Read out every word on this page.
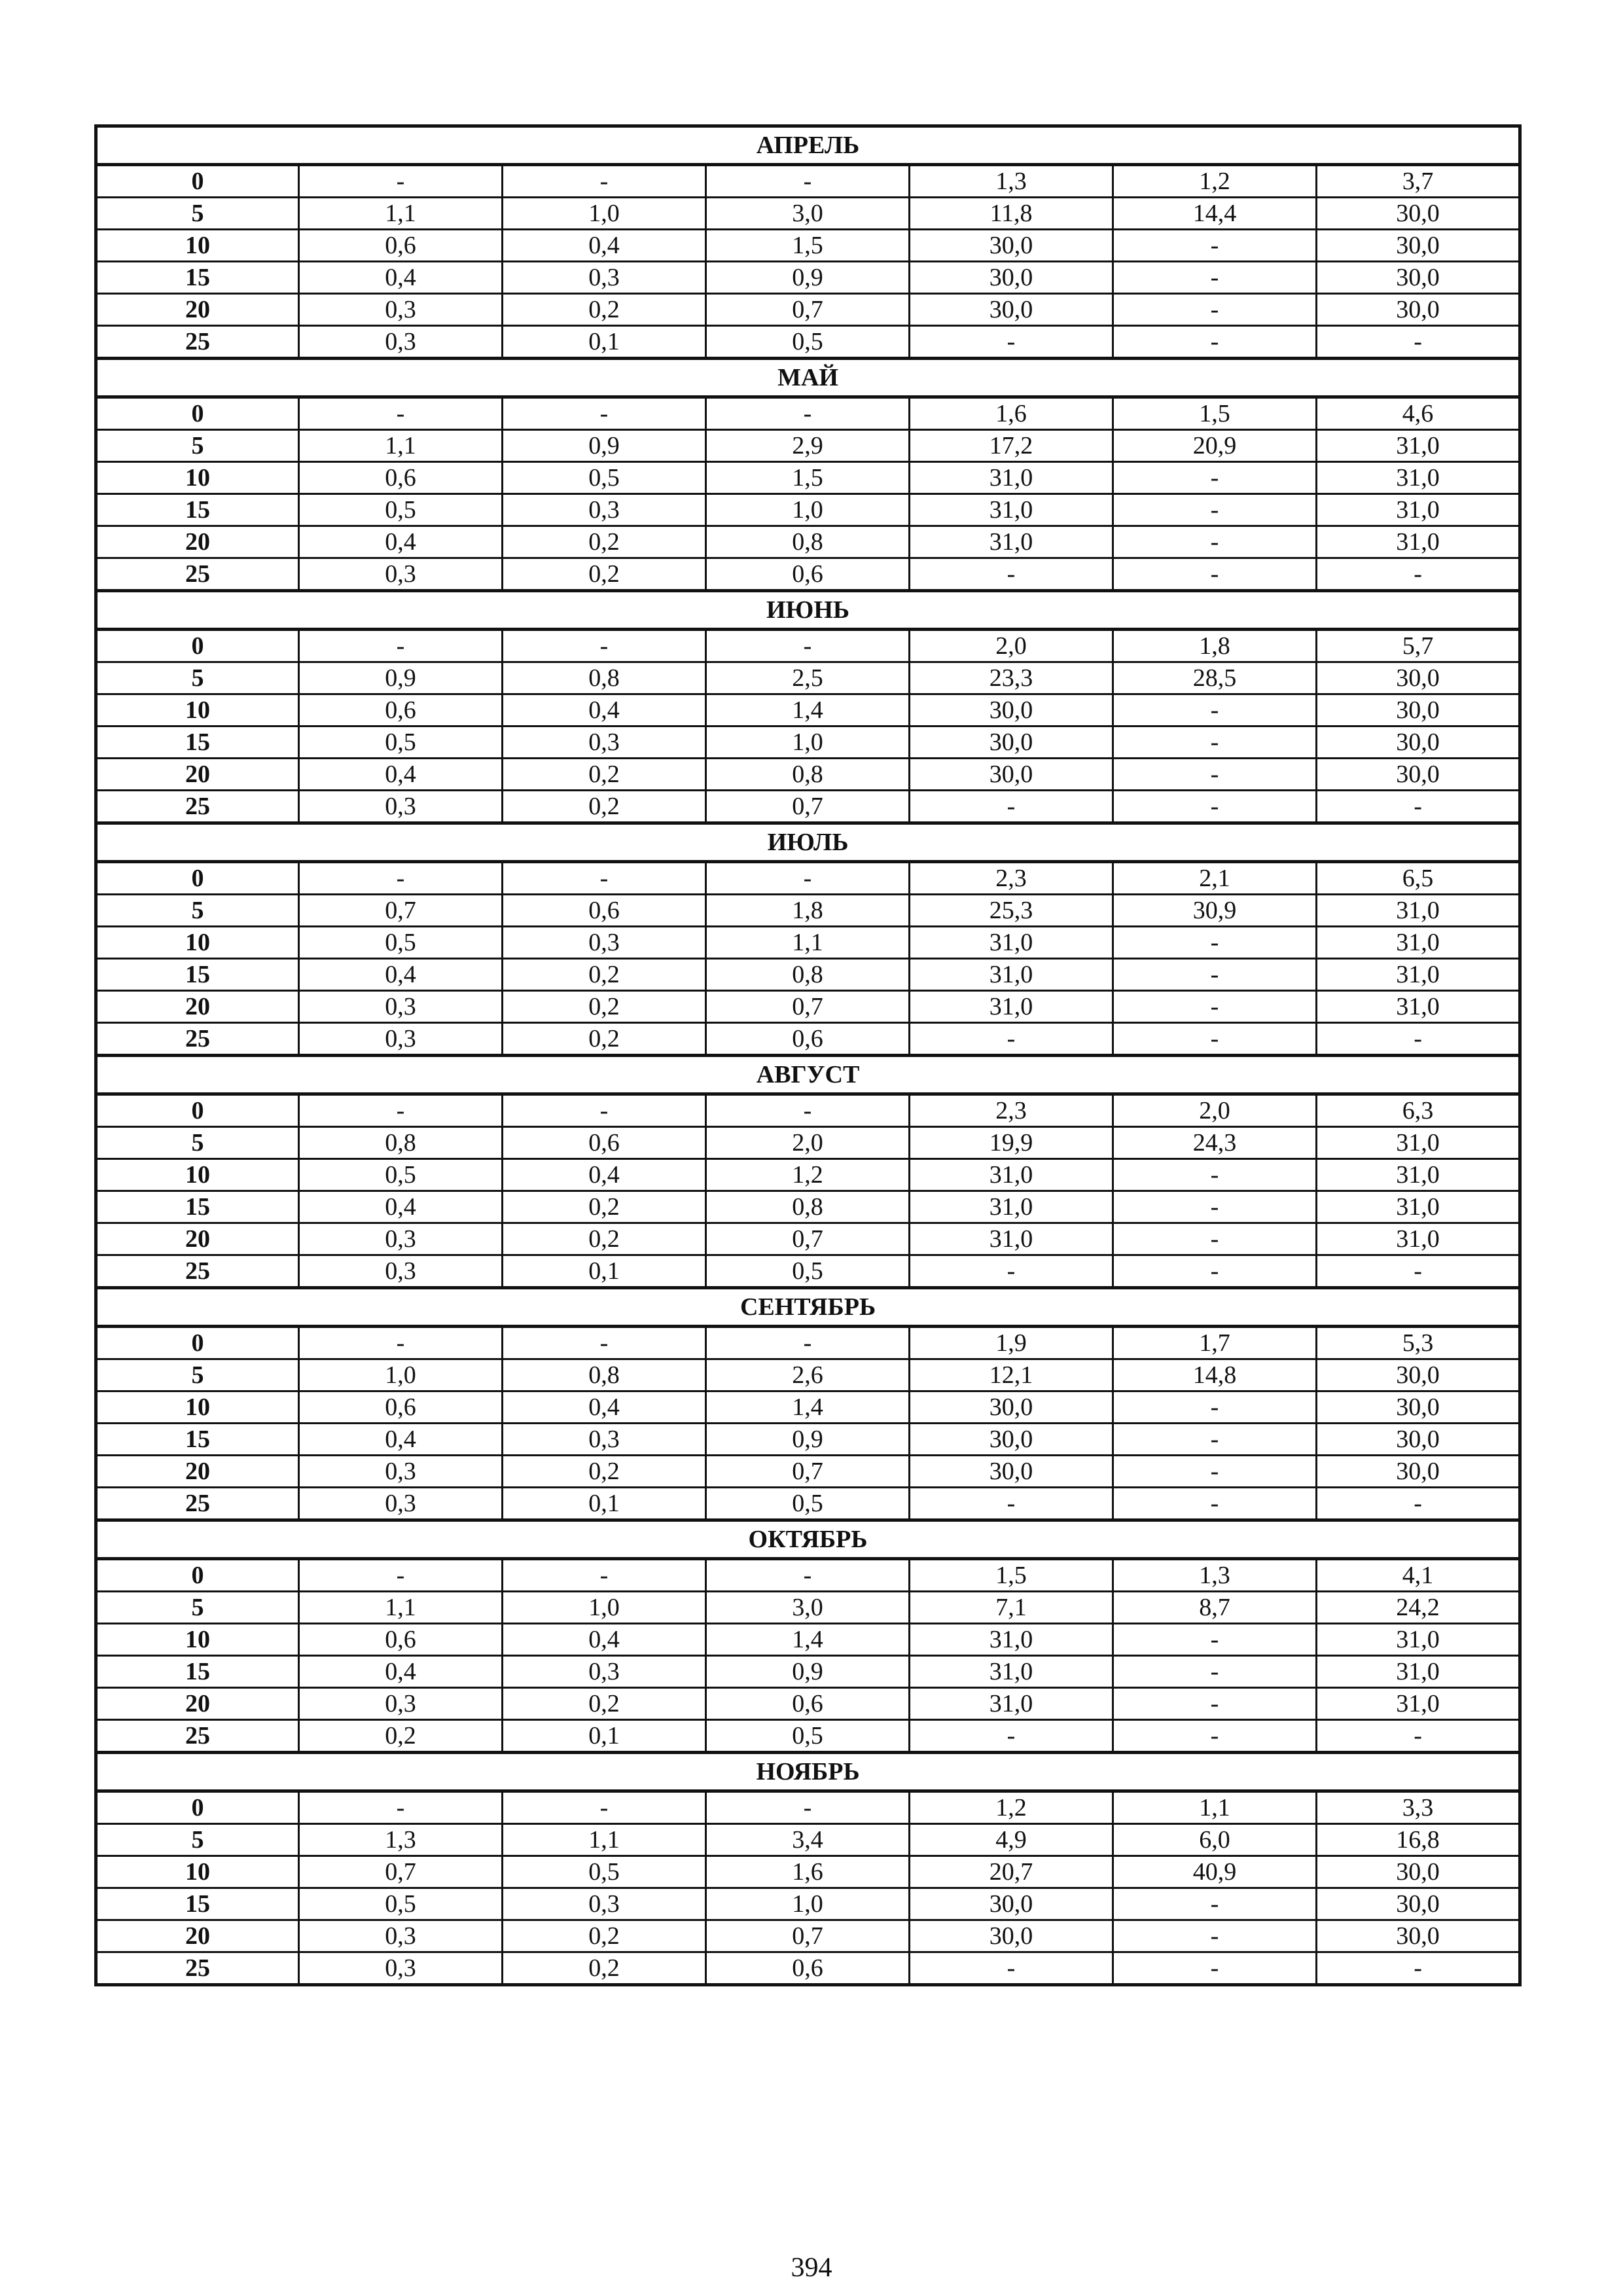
АПРЕЛЬ						
0	-	-	-	1,3	1,2	3,7
5	1,1	1,0	3,0	11,8	14,4	30,0
10	0,6	0,4	1,5	30,0	-	30,0
15	0,4	0,3	0,9	30,0	-	30,0
20	0,3	0,2	0,7	30,0	-	30,0
25	0,3	0,1	0,5	-	-	-
МАЙ						
0	-	-	-	1,6	1,5	4,6
5	1,1	0,9	2,9	17,2	20,9	31,0
10	0,6	0,5	1,5	31,0	-	31,0
15	0,5	0,3	1,0	31,0	-	31,0
20	0,4	0,2	0,8	31,0	-	31,0
25	0,3	0,2	0,6	-	-	-
ИЮНЬ						
0	-	-	-	2,0	1,8	5,7
5	0,9	0,8	2,5	23,3	28,5	30,0
10	0,6	0,4	1,4	30,0	-	30,0
15	0,5	0,3	1,0	30,0	-	30,0
20	0,4	0,2	0,8	30,0	-	30,0
25	0,3	0,2	0,7	-	-	-
ИЮЛЬ						
0	-	-	-	2,3	2,1	6,5
5	0,7	0,6	1,8	25,3	30,9	31,0
10	0,5	0,3	1,1	31,0	-	31,0
15	0,4	0,2	0,8	31,0	-	31,0
20	0,3	0,2	0,7	31,0	-	31,0
25	0,3	0,2	0,6	-	-	-
АВГУСТ						
0	-	-	-	2,3	2,0	6,3
5	0,8	0,6	2,0	19,9	24,3	31,0
10	0,5	0,4	1,2	31,0	-	31,0
15	0,4	0,2	0,8	31,0	-	31,0
20	0,3	0,2	0,7	31,0	-	31,0
25	0,3	0,1	0,5	-	-	-
СЕНТЯБРЬ						
0	-	-	-	1,9	1,7	5,3
5	1,0	0,8	2,6	12,1	14,8	30,0
10	0,6	0,4	1,4	30,0	-	30,0
15	0,4	0,3	0,9	30,0	-	30,0
20	0,3	0,2	0,7	30,0	-	30,0
25	0,3	0,1	0,5	-	-	-
ОКТЯБРЬ						
0	-	-	-	1,5	1,3	4,1
5	1,1	1,0	3,0	7,1	8,7	24,2
10	0,6	0,4	1,4	31,0	-	31,0
15	0,4	0,3	0,9	31,0	-	31,0
20	0,3	0,2	0,6	31,0	-	31,0
25	0,2	0,1	0,5	-	-	-
НОЯБРЬ						
0	-	-	-	1,2	1,1	3,3
5	1,3	1,1	3,4	4,9	6,0	16,8
10	0,7	0,5	1,6	20,7	40,9	30,0
15	0,5	0,3	1,0	30,0	-	30,0
20	0,3	0,2	0,7	30,0	-	30,0
25	0,3	0,2	0,6	-	-	-
394
